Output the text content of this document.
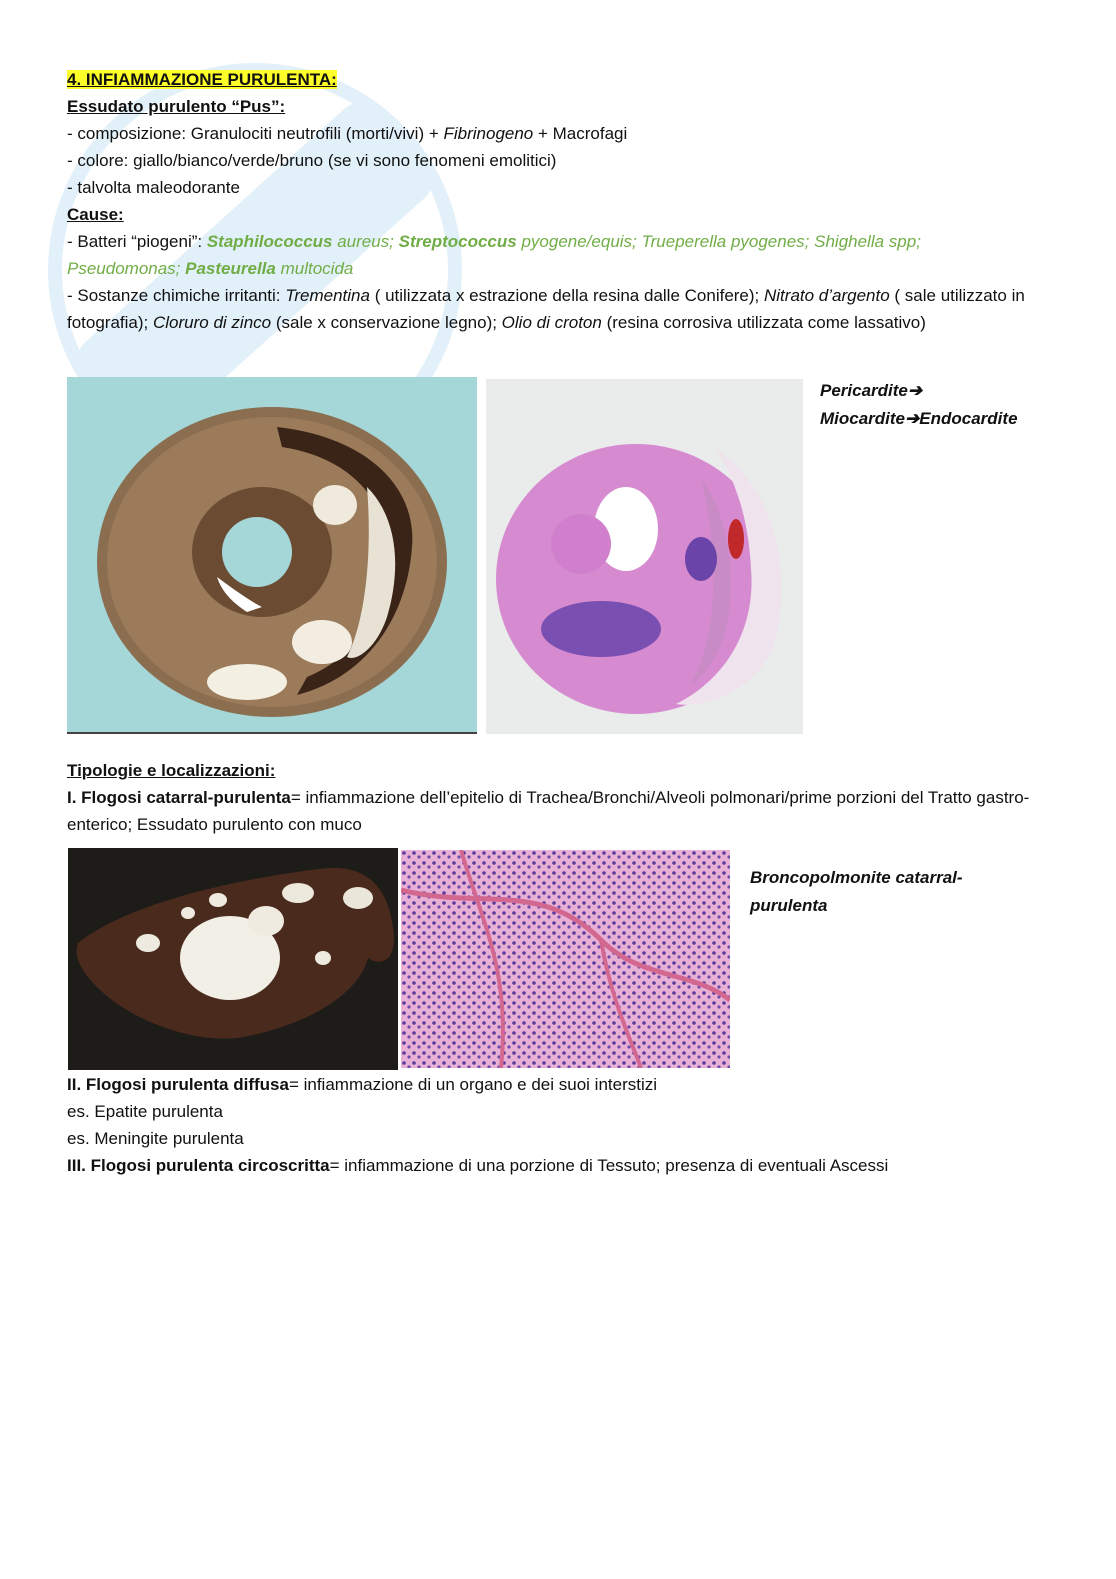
4. INFIAMMAZIONE PURULENTA:
Essudato purulento “Pus”:
- composizione: Granulociti neutrofili (morti/vivi) + Fibrinogeno + Macrofagi
- colore: giallo/bianco/verde/bruno (se vi sono fenomeni emolitici)
- talvolta maleodorante
Cause:
- Batteri “piogeni”: Staphilococcus aureus; Streptococcus pyogene/equis; Trueperella pyogenes; Shighella spp;
Pseudomonas; Pasteurella multocida
- Sostanze chimiche irritanti: Trementina ( utilizzata x estrazione della resina dalle Conifere); Nitrato d’argento ( sale utilizzato in fotografia); Cloruro di zinco (sale x conservazione legno); Olio di croton (resina corrosiva utilizzata come lassativo)
Pericardite➔
Miocardite➔Endocardite
Tipologie e localizzazioni:
I. Flogosi catarral-purulenta= infiammazione dell’epitelio di Trachea/Bronchi/Alveoli polmonari/prime porzioni del Tratto gastro-enterico; Essudato purulento con muco
Broncopolmonite catarral-
purulenta
II. Flogosi purulenta diffusa= infiammazione di un organo e dei suoi interstizi
es. Epatite purulenta
es. Meningite purulenta
III. Flogosi purulenta circoscritta= infiammazione di una porzione di Tessuto; presenza di eventuali Ascessi
